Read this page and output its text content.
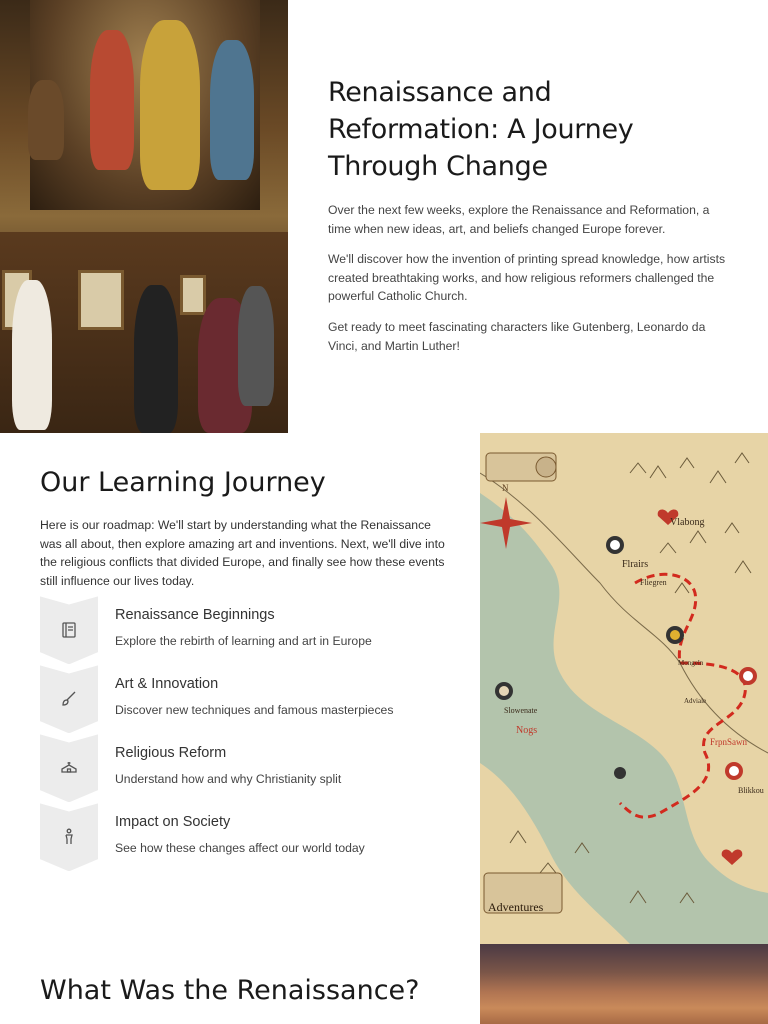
Renaissance and
Reformation: A Journey
Through Change

Over the next few weeks, explore the Renaissance and Reformation, a time when new ideas, art, and beliefs changed Europe forever.

We'll discover how the invention of printing spread knowledge, how artists created breathtaking works, and how religious reformers challenged the powerful Catholic Church.

Get ready to meet fascinating characters like Gutenberg, Leonardo da Vinci, and Martin Luther!

Our Learning Journey

Here is our roadmap: We'll start by understanding what the Renaissance was all about, then explore amazing art and inventions. Next, we'll dive into the religious conflicts that divided Europe, and finally see how these events still influence our lives today.

Renaissance Beginnings
Explore the rebirth of learning and art in Europe
Art & Innovation
Discover new techniques and famous masterpieces
Religious Reform
Understand how and why Christianity split
Impact on Society
See how these changes affect our world today
N
Vlabong
Flrairs
Fliegren
Mongeln
Adviale
Slowenate
Nogs
FrpnSawn
Blikkou
Adventures
What Was the Renaissance?
